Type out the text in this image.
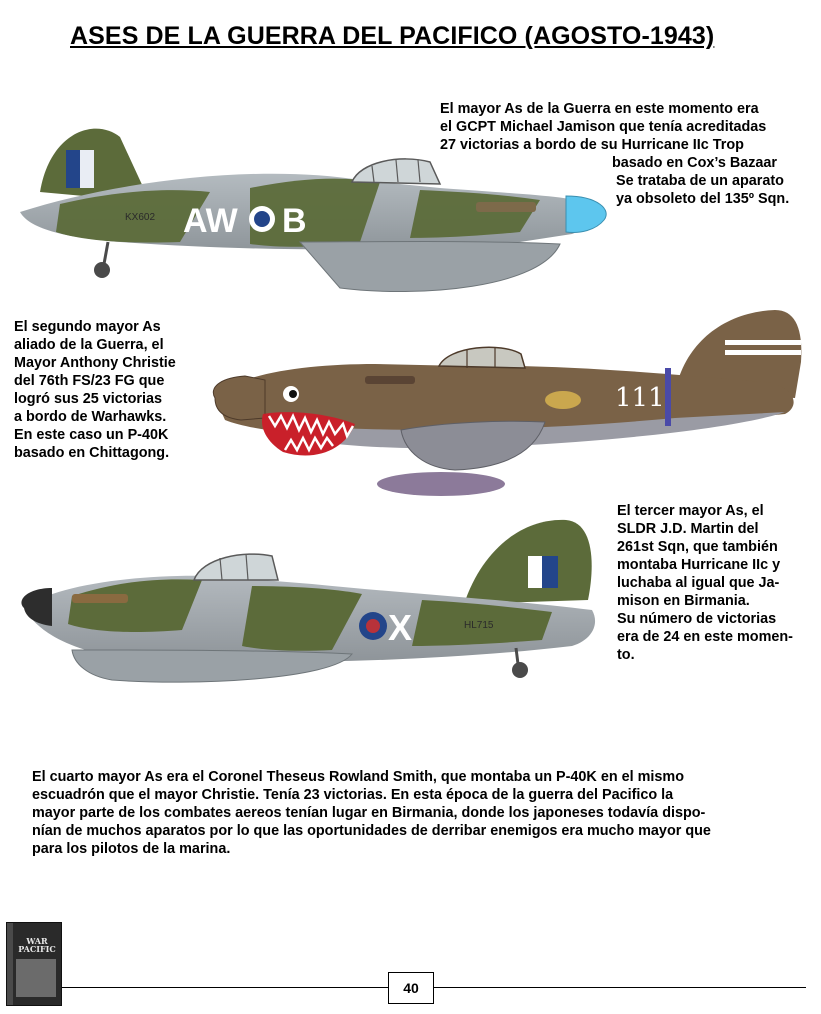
ASES DE LA GUERRA DEL PACIFICO (AGOSTO-1943)
El mayor As de la Guerra en este momento era
el GCPT Michael Jamison que tenía acreditadas
27 victorias a bordo de su Hurricane IIc Trop
basado en Cox’s Bazaar
Se trataba de un aparato
ya obsoleto del 135º Sqn.
AW B
KX602
El segundo mayor As
aliado de la Guerra, el
Mayor Anthony Christie
del 76th FS/23 FG que
logró sus 25 victorias
a bordo de Warhawks.
En este caso un P-40K
basado en Chittagong.
111
X	HL715
El tercer mayor As, el
SLDR J.D. Martin del
261st Sqn, que también
montaba Hurricane IIc y
luchaba al igual que Ja-
mison en Birmania.
Su número de victorias
era de 24 en este momen-
to.
El cuarto mayor As era el Coronel Theseus Rowland Smith, que montaba un P-40K en el mismo
escuadrón que el mayor Christie. Tenía 23 victorias. En esta época de la guerra del Pacifico la
mayor parte de los combates aereos tenían lugar en Birmania, donde los japoneses todavía dispo-
nían de muchos aparatos por lo que las oportunidades de derribar enemigos era mucho mayor que
para los pilotos de la marina.
WAR
PACIFIC
40
